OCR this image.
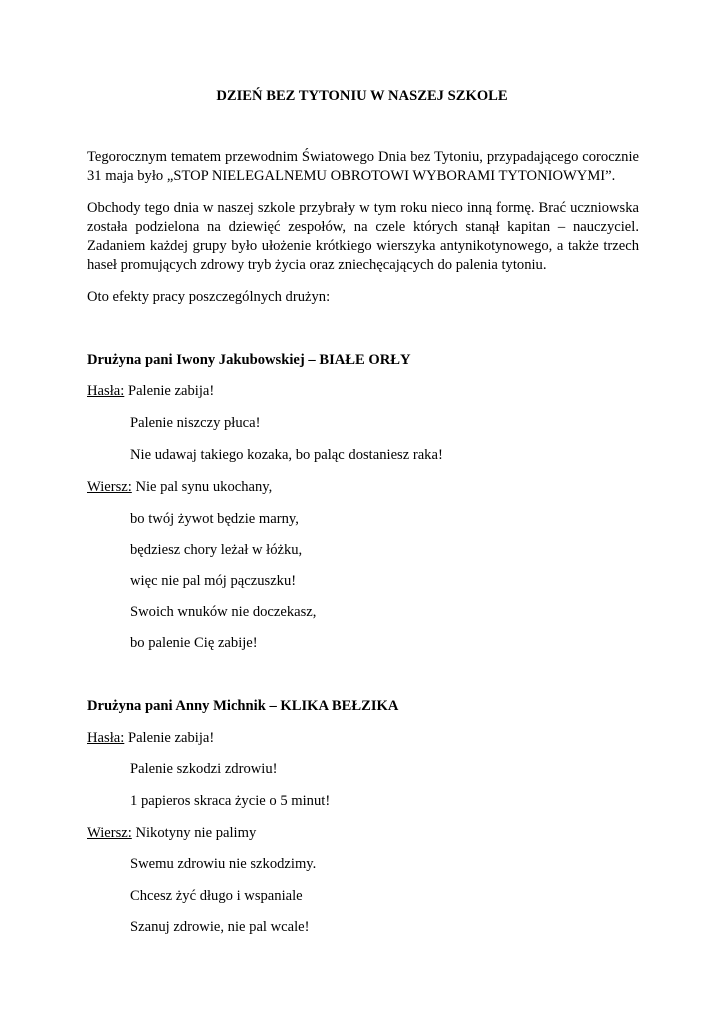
DZIEŃ BEZ TYTONIU W NASZEJ SZKOLE
Tegorocznym tematem przewodnim Światowego Dnia bez Tytoniu, przypadającego corocznie
31 maja było „STOP NIELEGALNEMU OBROTOWI WYBORAMI TYTONIOWYMI”.
Obchody tego dnia w naszej szkole przybrały w tym roku nieco inną formę. Brać uczniowska
została podzielona na dziewięć zespołów, na czele których stanął kapitan – nauczyciel.
Zadaniem każdej grupy było ułożenie krótkiego wierszyka antynikotynowego, a także trzech
haseł promujących zdrowy tryb życia oraz zniechęcających do palenia tytoniu.
Oto efekty pracy poszczególnych drużyn:
Drużyna pani Iwony Jakubowskiej – BIAŁE ORŁY
Hasła: Palenie zabija!
Palenie niszczy płuca!
Nie udawaj takiego kozaka, bo paląc dostaniesz raka!
Wiersz: Nie pal synu ukochany,
bo twój żywot będzie marny,
będziesz chory leżał w łóżku,
więc nie pal mój pączuszku!
Swoich wnuków nie doczekasz,
bo palenie Cię zabije!
Drużyna pani Anny Michnik – KLIKA BEŁZIKA
Hasła: Palenie zabija!
Palenie szkodzi zdrowiu!
1 papieros skraca życie o 5 minut!
Wiersz: Nikotyny nie palimy
Swemu zdrowiu nie szkodzimy.
Chcesz żyć długo i wspaniale
Szanuj zdrowie, nie pal wcale!
